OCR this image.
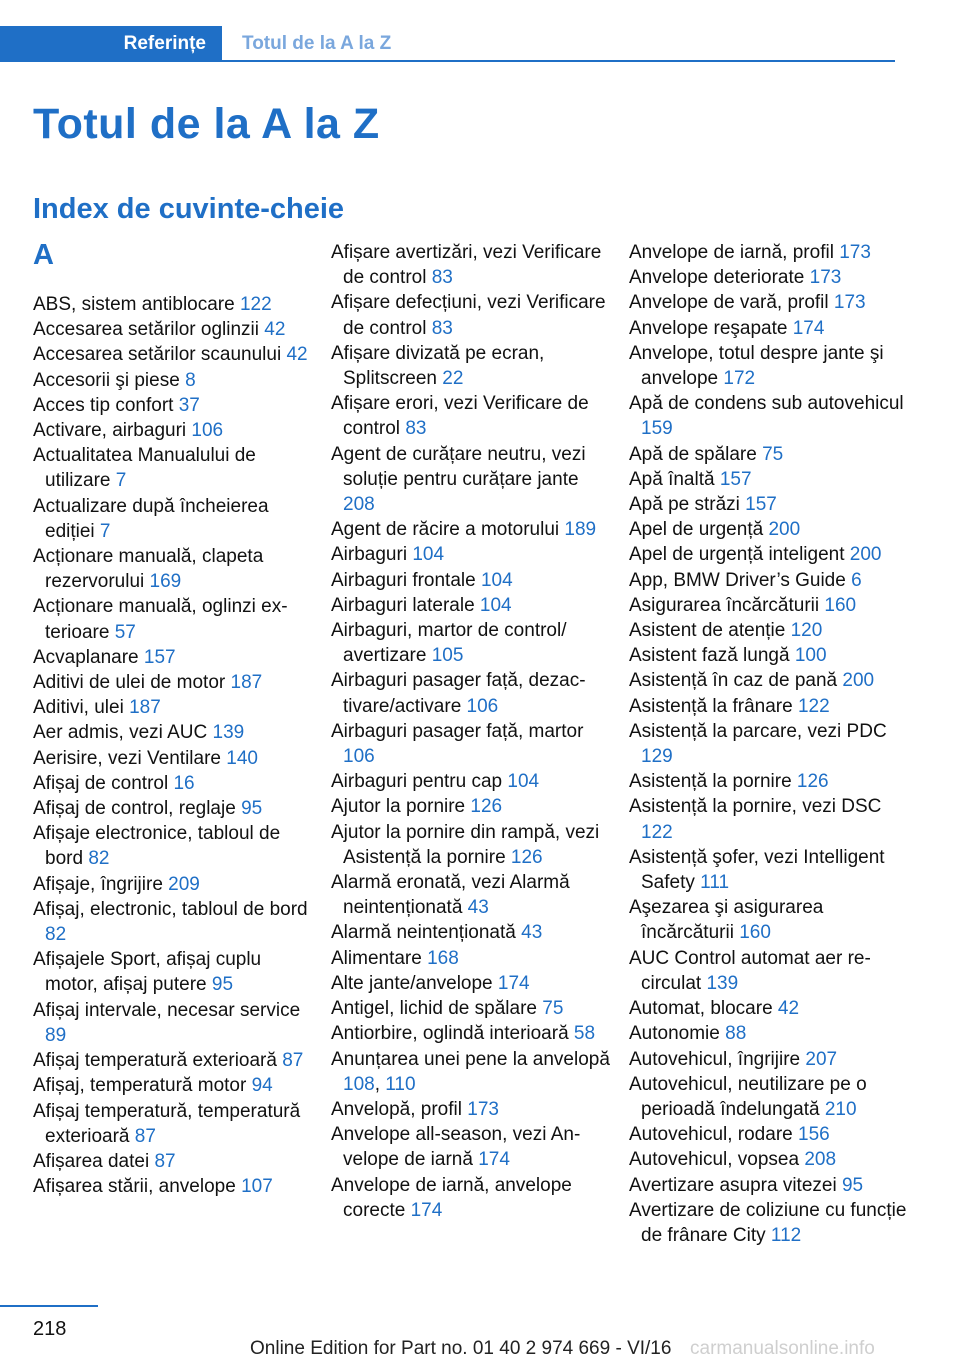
Referințe	Totul de la A la Z
Totul de la A la Z
Index de cuvinte-cheie
A
ABS, sistem antiblocare 122
Accesarea setărilor oglinzii 42
Accesarea setărilor scaunului 42
Accesorii şi piese 8
Acces tip confort 37
Activare, airbaguri 106
Actualitatea Manualului de utilizare 7
Actualizare după încheierea ediției 7
Acționare manuală, clapeta rezervorului 169
Acționare manuală, oglinzi exterioare 57
Acvaplanare 157
Aditivi de ulei de motor 187
Aditivi, ulei 187
Aer admis, vezi AUC 139
Aerisire, vezi Ventilare 140
Afișaj de control 16
Afișaj de control, reglaje 95
Afișaje electronice, tabloul de bord 82
Afișaje, îngrijire 209
Afișaj, electronic, tabloul de bord 82
Afișajele Sport, afișaj cuplu motor, afișaj putere 95
Afișaj intervale, necesar service 89
Afișaj temperatură exterioară 87
Afișaj, temperatură motor 94
Afișaj temperatură, temperatură exterioară 87
Afișarea datei 87
Afișarea stării, anvelope 107
Afișare avertizări, vezi Verificare de control 83
Afișare defecțiuni, vezi Verificare de control 83
Afișare divizată pe ecran, Splitscreen 22
Afișare erori, vezi Verificare de control 83
Agent de curățare neutru, vezi soluție pentru curățare jante 208
Agent de răcire a motorului 189
Airbaguri 104
Airbaguri frontale 104
Airbaguri laterale 104
Airbaguri, martor de control/ avertizare 105
Airbaguri pasager față, dezactivare/activare 106
Airbaguri pasager față, martor 106
Airbaguri pentru cap 104
Ajutor la pornire 126
Ajutor la pornire din rampă, vezi Asistență la pornire 126
Alarmă eronată, vezi Alarmă neintenționată 43
Alarmă neintenționată 43
Alimentare 168
Alte jante/anvelope 174
Antigel, lichid de spălare 75
Antiorbire, oglindă interioară 58
Anunțarea unei pene la anvelopă 108, 110
Anvelopă, profil 173
Anvelope all-season, vezi Anvelope de iarnă 174
Anvelope de iarnă, anvelope corecte 174
Anvelope de iarnă, profil 173
Anvelope deteriorate 173
Anvelope de vară, profil 173
Anvelope reşapate 174
Anvelope, totul despre jante şi anvelope 172
Apă de condens sub autovehicul 159
Apă de spălare 75
Apă înaltă 157
Apă pe străzi 157
Apel de urgență 200
Apel de urgență inteligent 200
App, BMW Driver’s Guide 6
Asigurarea încărcăturii 160
Asistent de atenție 120
Asistent fază lungă 100
Asistență în caz de pană 200
Asistență la frânare 122
Asistență la parcare, vezi PDC 129
Asistență la pornire 126
Asistență la pornire, vezi DSC 122
Asistență şofer, vezi Intelligent Safety 111
Aşezarea şi asigurarea încărcăturii 160
AUC Control automat aer recirculat 139
Automat, blocare 42
Autonomie 88
Autovehicul, îngrijire 207
Autovehicul, neutilizare pe o perioadă îndelungată 210
Autovehicul, rodare 156
Autovehicul, vopsea 208
Avertizare asupra vitezei 95
Avertizare de coliziune cu funcție de frânare City 112
218
Online Edition for Part no. 01 40 2 974 669 - VI/16 carmanualsonline.info
